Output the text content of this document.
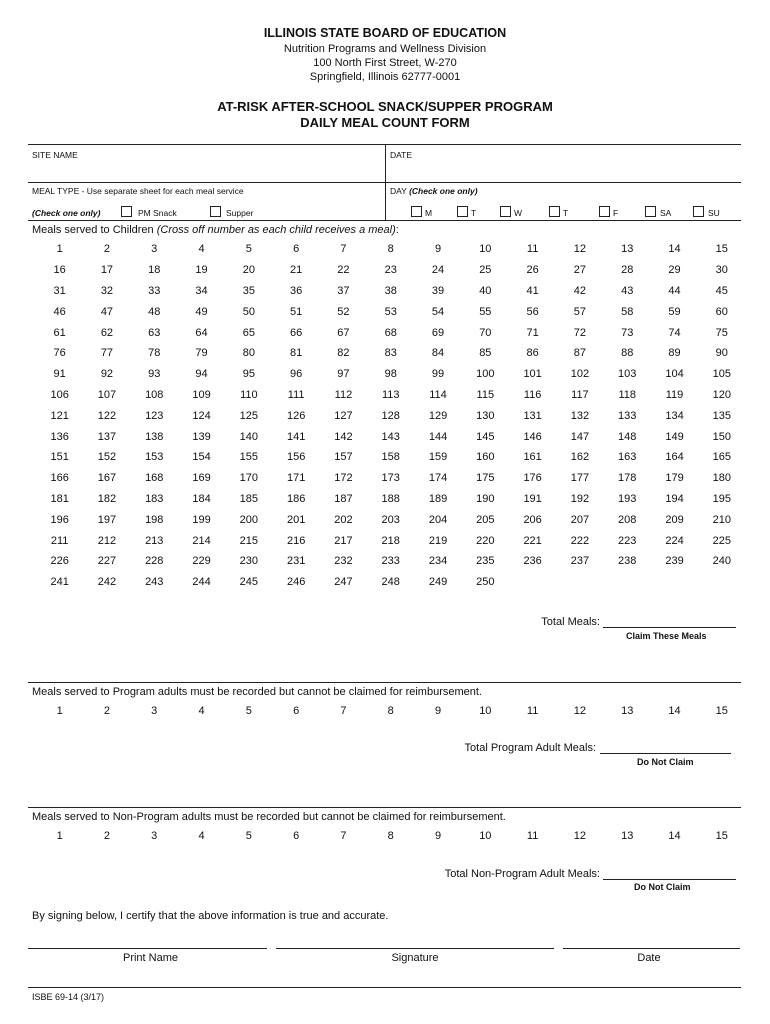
ILLINOIS STATE BOARD OF EDUCATION
Nutrition Programs and Wellness Division
100 North First Street, W-270
Springfield, Illinois 62777-0001
AT-RISK AFTER-SCHOOL SNACK/SUPPER PROGRAM
DAILY MEAL COUNT FORM
SITE NAME	DATE
MEAL TYPE - Use separate sheet for each meal service	DAY (Check one only)
(Check one only)	PM Snack	Supper	M	T	W	T	F	SA	SU
Meals served to Children (Cross off number as each child receives a meal):
1	2	3	4	5	6	7	8	9	10	11	12	13	14	15
16	17	18	19	20	21	22	23	24	25	26	27	28	29	30
31	32	33	34	35	36	37	38	39	40	41	42	43	44	45
46	47	48	49	50	51	52	53	54	55	56	57	58	59	60
61	62	63	64	65	66	67	68	69	70	71	72	73	74	75
76	77	78	79	80	81	82	83	84	85	86	87	88	89	90
91	92	93	94	95	96	97	98	99	100	101	102	103	104	105
106	107	108	109	110	111	112	113	114	115	116	117	118	119	120
121	122	123	124	125	126	127	128	129	130	131	132	133	134	135
136	137	138	139	140	141	142	143	144	145	146	147	148	149	150
151	152	153	154	155	156	157	158	159	160	161	162	163	164	165
166	167	168	169	170	171	172	173	174	175	176	177	178	179	180
181	182	183	184	185	186	187	188	189	190	191	192	193	194	195
196	197	198	199	200	201	202	203	204	205	206	207	208	209	210
211	212	213	214	215	216	217	218	219	220	221	222	223	224	225
226	227	228	229	230	231	232	233	234	235	236	237	238	239	240
241	242	243	244	245	246	247	248	249	250
Total Meals:
Claim These Meals
Meals served to Program adults must be recorded but cannot be claimed for reimbursement.
1	2	3	4	5	6	7	8	9	10	11	12	13	14	15
Total Program Adult Meals:
Do Not Claim
Meals served to Non-Program adults must be recorded but cannot be claimed for reimbursement.
1	2	3	4	5	6	7	8	9	10	11	12	13	14	15
Total Non-Program Adult Meals:
Do Not Claim
By signing below, I certify that the above information is true and accurate.
Print Name	Signature	Date
ISBE 69-14 (3/17)
